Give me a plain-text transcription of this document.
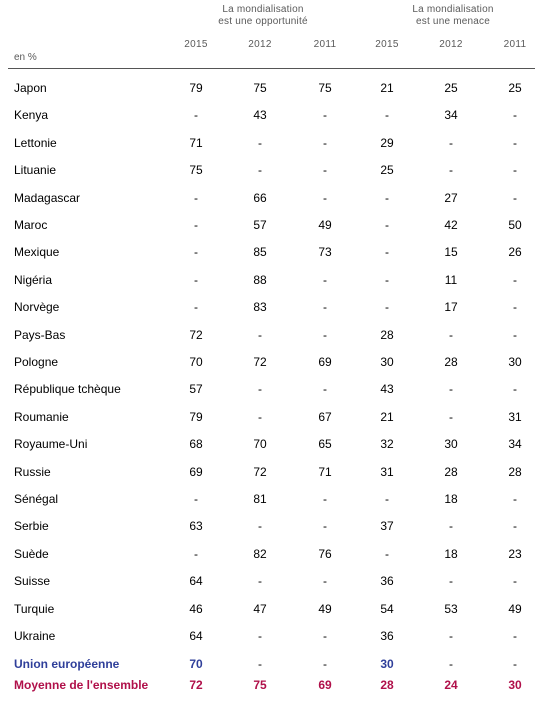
La mondialisation
est une opportunité
La mondialisation
est une menace
2015	2012	2011	2015	2012	2011
en %
Japon	79	75	75	21	25	25
Kenya	-	43	-	-	34	-
Lettonie	71	-	-	29	-	-
Lituanie	75	-	-	25	-	-
Madagascar	-	66	-	-	27	-
Maroc	-	57	49	-	42	50
Mexique	-	85	73	-	15	26
Nigéria	-	88	-	-	11	-
Norvège	-	83	-	-	17	-
Pays-Bas	72	-	-	28	-	-
Pologne	70	72	69	30	28	30
République tchèque	57	-	-	43	-	-
Roumanie	79	-	67	21	-	31
Royaume-Uni	68	70	65	32	30	34
Russie	69	72	71	31	28	28
Sénégal	-	81	-	-	18	-
Serbie	63	-	-	37	-	-
Suède	-	82	76	-	18	23
Suisse	64	-	-	36	-	-
Turquie	46	47	49	54	53	49
Ukraine	64	-	-	36	-	-
Union européenne	70	-	-	30	-	-
Moyenne de l'ensemble	72	75	69	28	24	30
